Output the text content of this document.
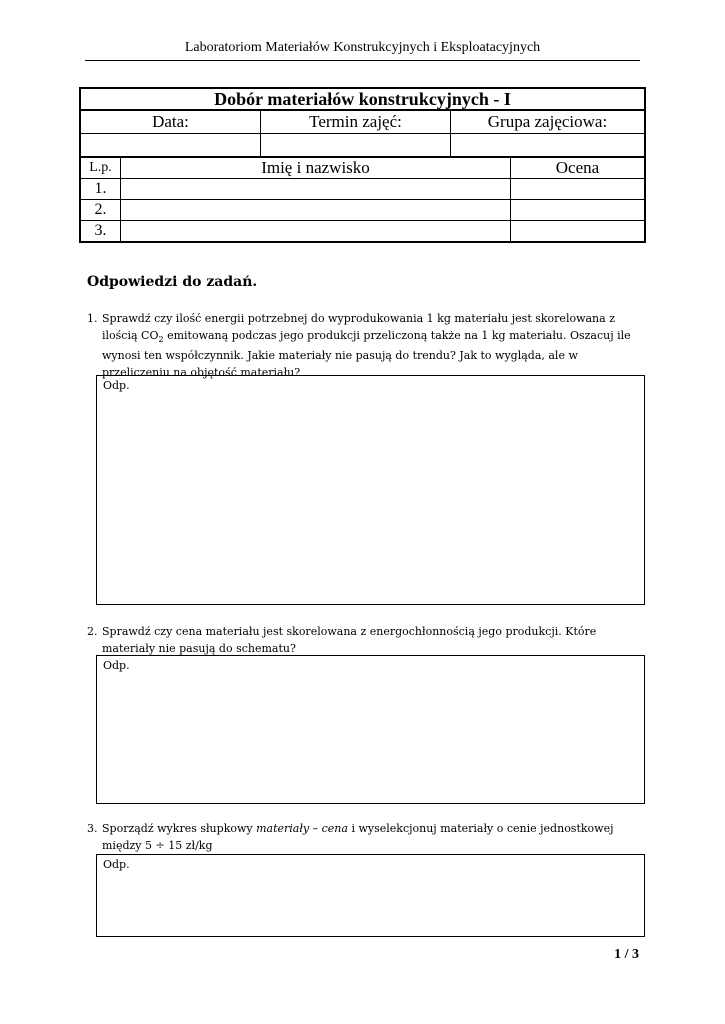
Laboratoriom Materiałów Konstrukcyjnych i Eksploatacyjnych
Dobór materiałów konstrukcyjnych - I
Data:	Termin zajęć:	Grupa zajęciowa:
L.p.	Imię i nazwisko	Ocena
1.
2.
3.
Odpowiedzi do zadań.
1. Sprawdź czy ilość energii potrzebnej do wyprodukowania 1 kg materiału jest skorelowana z ilością $CO_2$ emitowaną podczas jego produkcji przeliczoną także na 1 kg materiału. Oszacuj ile wynosi ten współczynnik. Jakie materiały nie pasują do trendu? Jak to wygląda, ale w przeliczeniu na objętość materiału?
Odp.
2. Sprawdź czy cena materiału jest skorelowana z energochłonnością jego produkcji. Które materiały nie pasują do schematu?
Odp.
3. Sporządź wykres słupkowy materiały – cena i wyselekcjonuj materiały o cenie jednostkowej między 5 ÷ 15 zł/kg
Odp.
1 / 3
